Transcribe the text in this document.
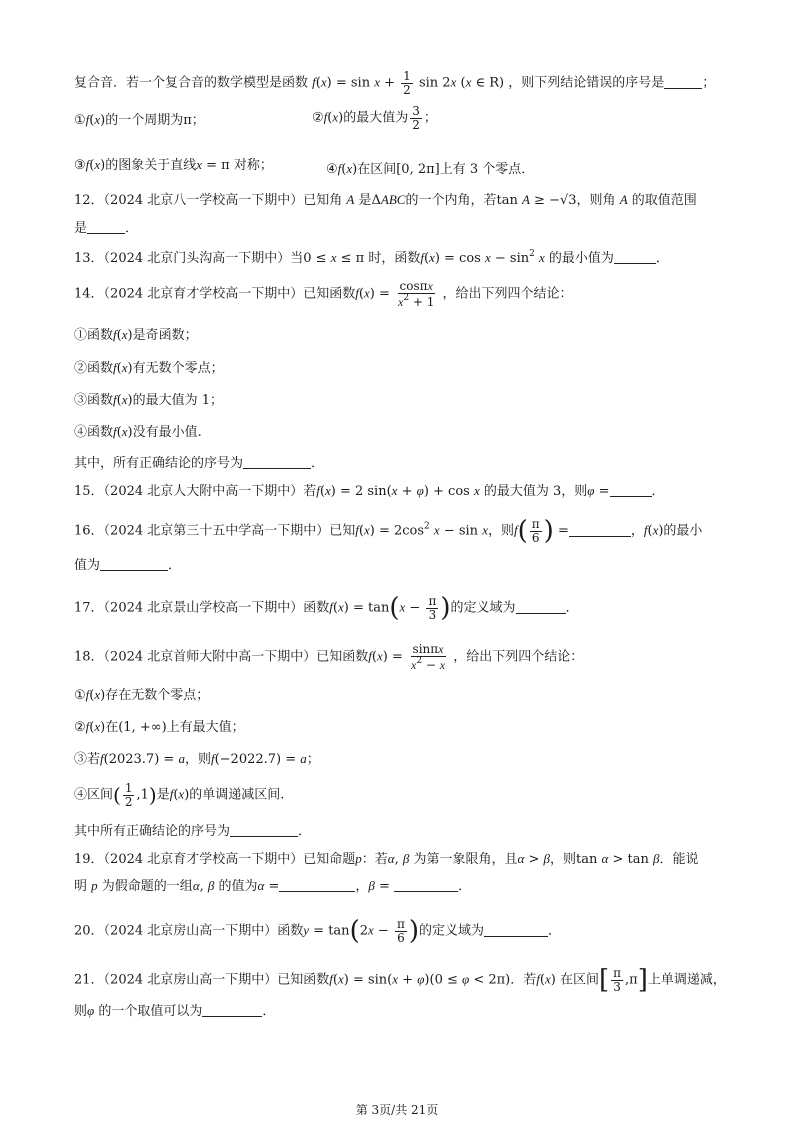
复合音．若一个复合音的数学模型是函数 $f(x) = \sin x + \frac{1}{2}$ sin 2x (x ∈ R) ，则下列结论错误的序号是	；
①f(x)的一个周期为π；	②f(x)的最大值为 $\frac{3}{2}$ ；
③f(x)的图象关于直线x = π 对称；	④f(x)在区间[0, 2π]上有 3 个零点．
12．（2024 北京八一学校高一下期中）已知角 A 是ΔABC的一个内角，若tan A ≥ −√3，则角 A 的取值范围
是	．
13．（2024 北京门头沟高一下期中）当0 ≤ x ≤ π 时，函数$f(x) = \cos x - \sin^2 x$ 的最小值为	．
14．（2024 北京育才学校高一下期中）已知函数$f(x) = \frac{\cos\pi x}{x^2 + 1}$ ，给出下列四个结论：
①函数f(x)是奇函数；
②函数f(x)有无数个零点；
③函数f(x)的最大值为 1；
④函数f(x)没有最小值.
其中，所有正确结论的序号为	．
15．（2024 北京人大附中高一下期中）若f(x) = 2 sin(x + φ) + cos x 的最大值为 3，则φ =	．
16．（2024 北京第三十五中学高一下期中）已知$f(x) = 2\cos^2$ x − sin x，则$f( \frac{\pi}{6}$ ) =	，f(x)的最小
值为	．
17．（2024 北京景山学校高一下期中）函数$f(x) = \tan(x - \frac{\pi}{3}$ )的定义域为	．
18．（2024 北京首师大附中高一下期中）已知函数$f(x) = \frac{\sin\pi x}{x^2 - x}$ ，给出下列四个结论：
①f(x)存在无数个零点；
②f(x)在(1, +∞)上有最大值；
③若f(2023.7) = a，则f(−2022.7) = a；
④区间( $\frac{1}{2} ,1$)是f(x)的单调递减区间.
其中所有正确结论的序号为	．
19．（2024 北京育才学校高一下期中）已知命题p：若α, β 为第一象限角，且α > β，则tan α > tan β．能说
明 p 为假命题的一组α, β 的值为α =	，β =	．
20．（2024 北京房山高一下期中）函数$y = \tan(2x - \frac{\pi}{6}$ )的定义域为	．
21．（2024 北京房山高一下期中）已知函数f(x) = sin(x + φ)(0 ≤ φ < 2π)．若f(x) 在区间[ $\frac{\pi}{3} ,\pi$]上单调递减，
则φ 的一个取值可以为	．
第 3页/共 21页
